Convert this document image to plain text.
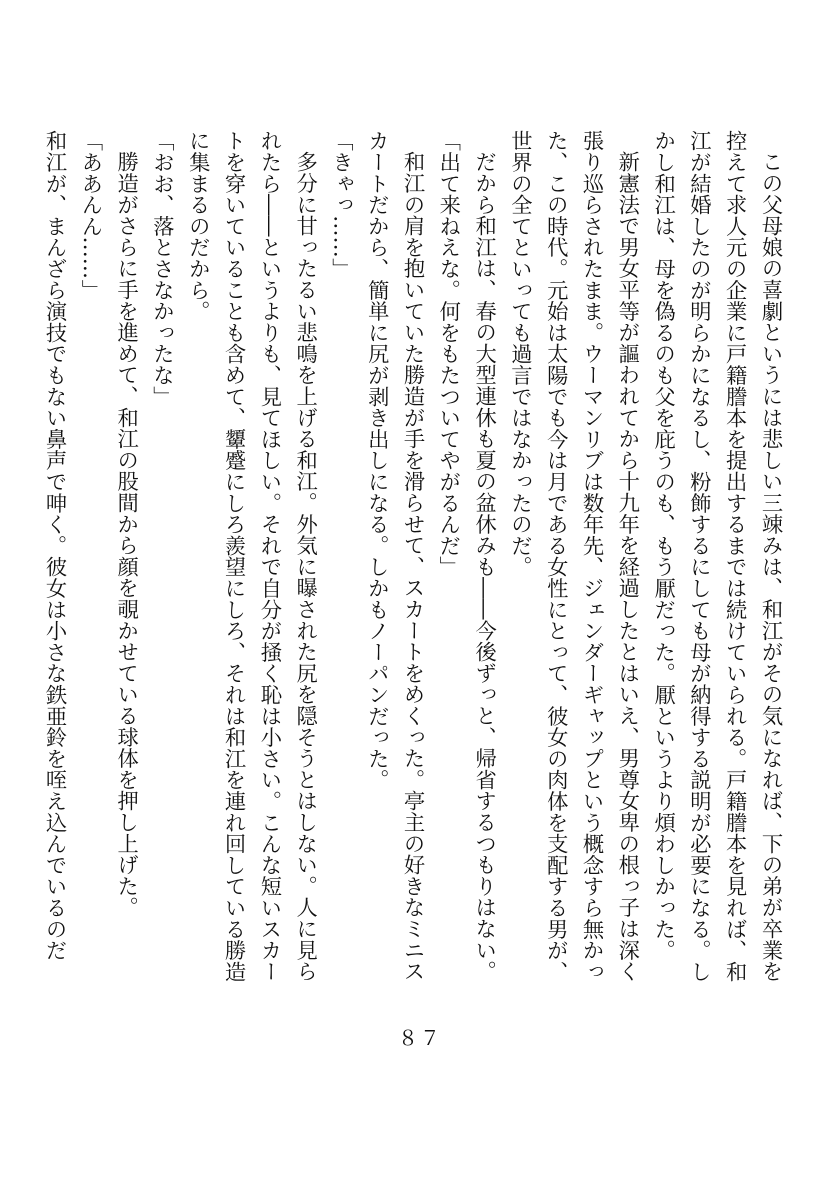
この父母娘の喜劇というには悲しい三竦みは、和江がその気になれば、下の弟が卒業を
控えて求人元の企業に戸籍謄本を提出するまでは続けていられる。戸籍謄本を見れば、和
江が結婚したのが明らかになるし、粉飾するにしても母が納得する説明が必要になる。し
かし和江は、母を偽るのも父を庇うのも、もう厭だった。厭というより煩わしかった。
新憲法で男女平等が謳われてから十九年を経過したとはいえ、男尊女卑の根っ子は深く
張り巡らされたまま。ウーマンリブは数年先、ジェンダーギャップという概念すら無かっ
た、この時代。元始は太陽でも今は月である女性にとって、彼女の肉体を支配する男が、
世界の全てといっても過言ではなかったのだ。
だから和江は、春の大型連休も夏の盆休みも――今後ずっと、帰省するつもりはない。
「出て来ねえな。何をもたついてやがるんだ」
和江の肩を抱いていた勝造が手を滑らせて、スカートをめくった。亭主の好きなミニス
カートだから、簡単に尻が剥き出しになる。しかもノーパンだった。
「きゃっ……」
多分に甘ったるい悲鳴を上げる和江。外気に曝された尻を隠そうとはしない。人に見ら
れたら――というよりも、見てほしい。それで自分が掻く恥は小さい。こんな短いスカー
トを穿いていることも含めて、顰蹙にしろ羨望にしろ、それは和江を連れ回している勝造
に集まるのだから。
「おお、落とさなかったな」
勝造がさらに手を進めて、和江の股間から顔を覗かせている球体を押し上げた。
「ああんん……」
和江が、まんざら演技でもない鼻声で呻く。彼女は小さな鉄亜鈴を咥え込んでいるのだ
８７
